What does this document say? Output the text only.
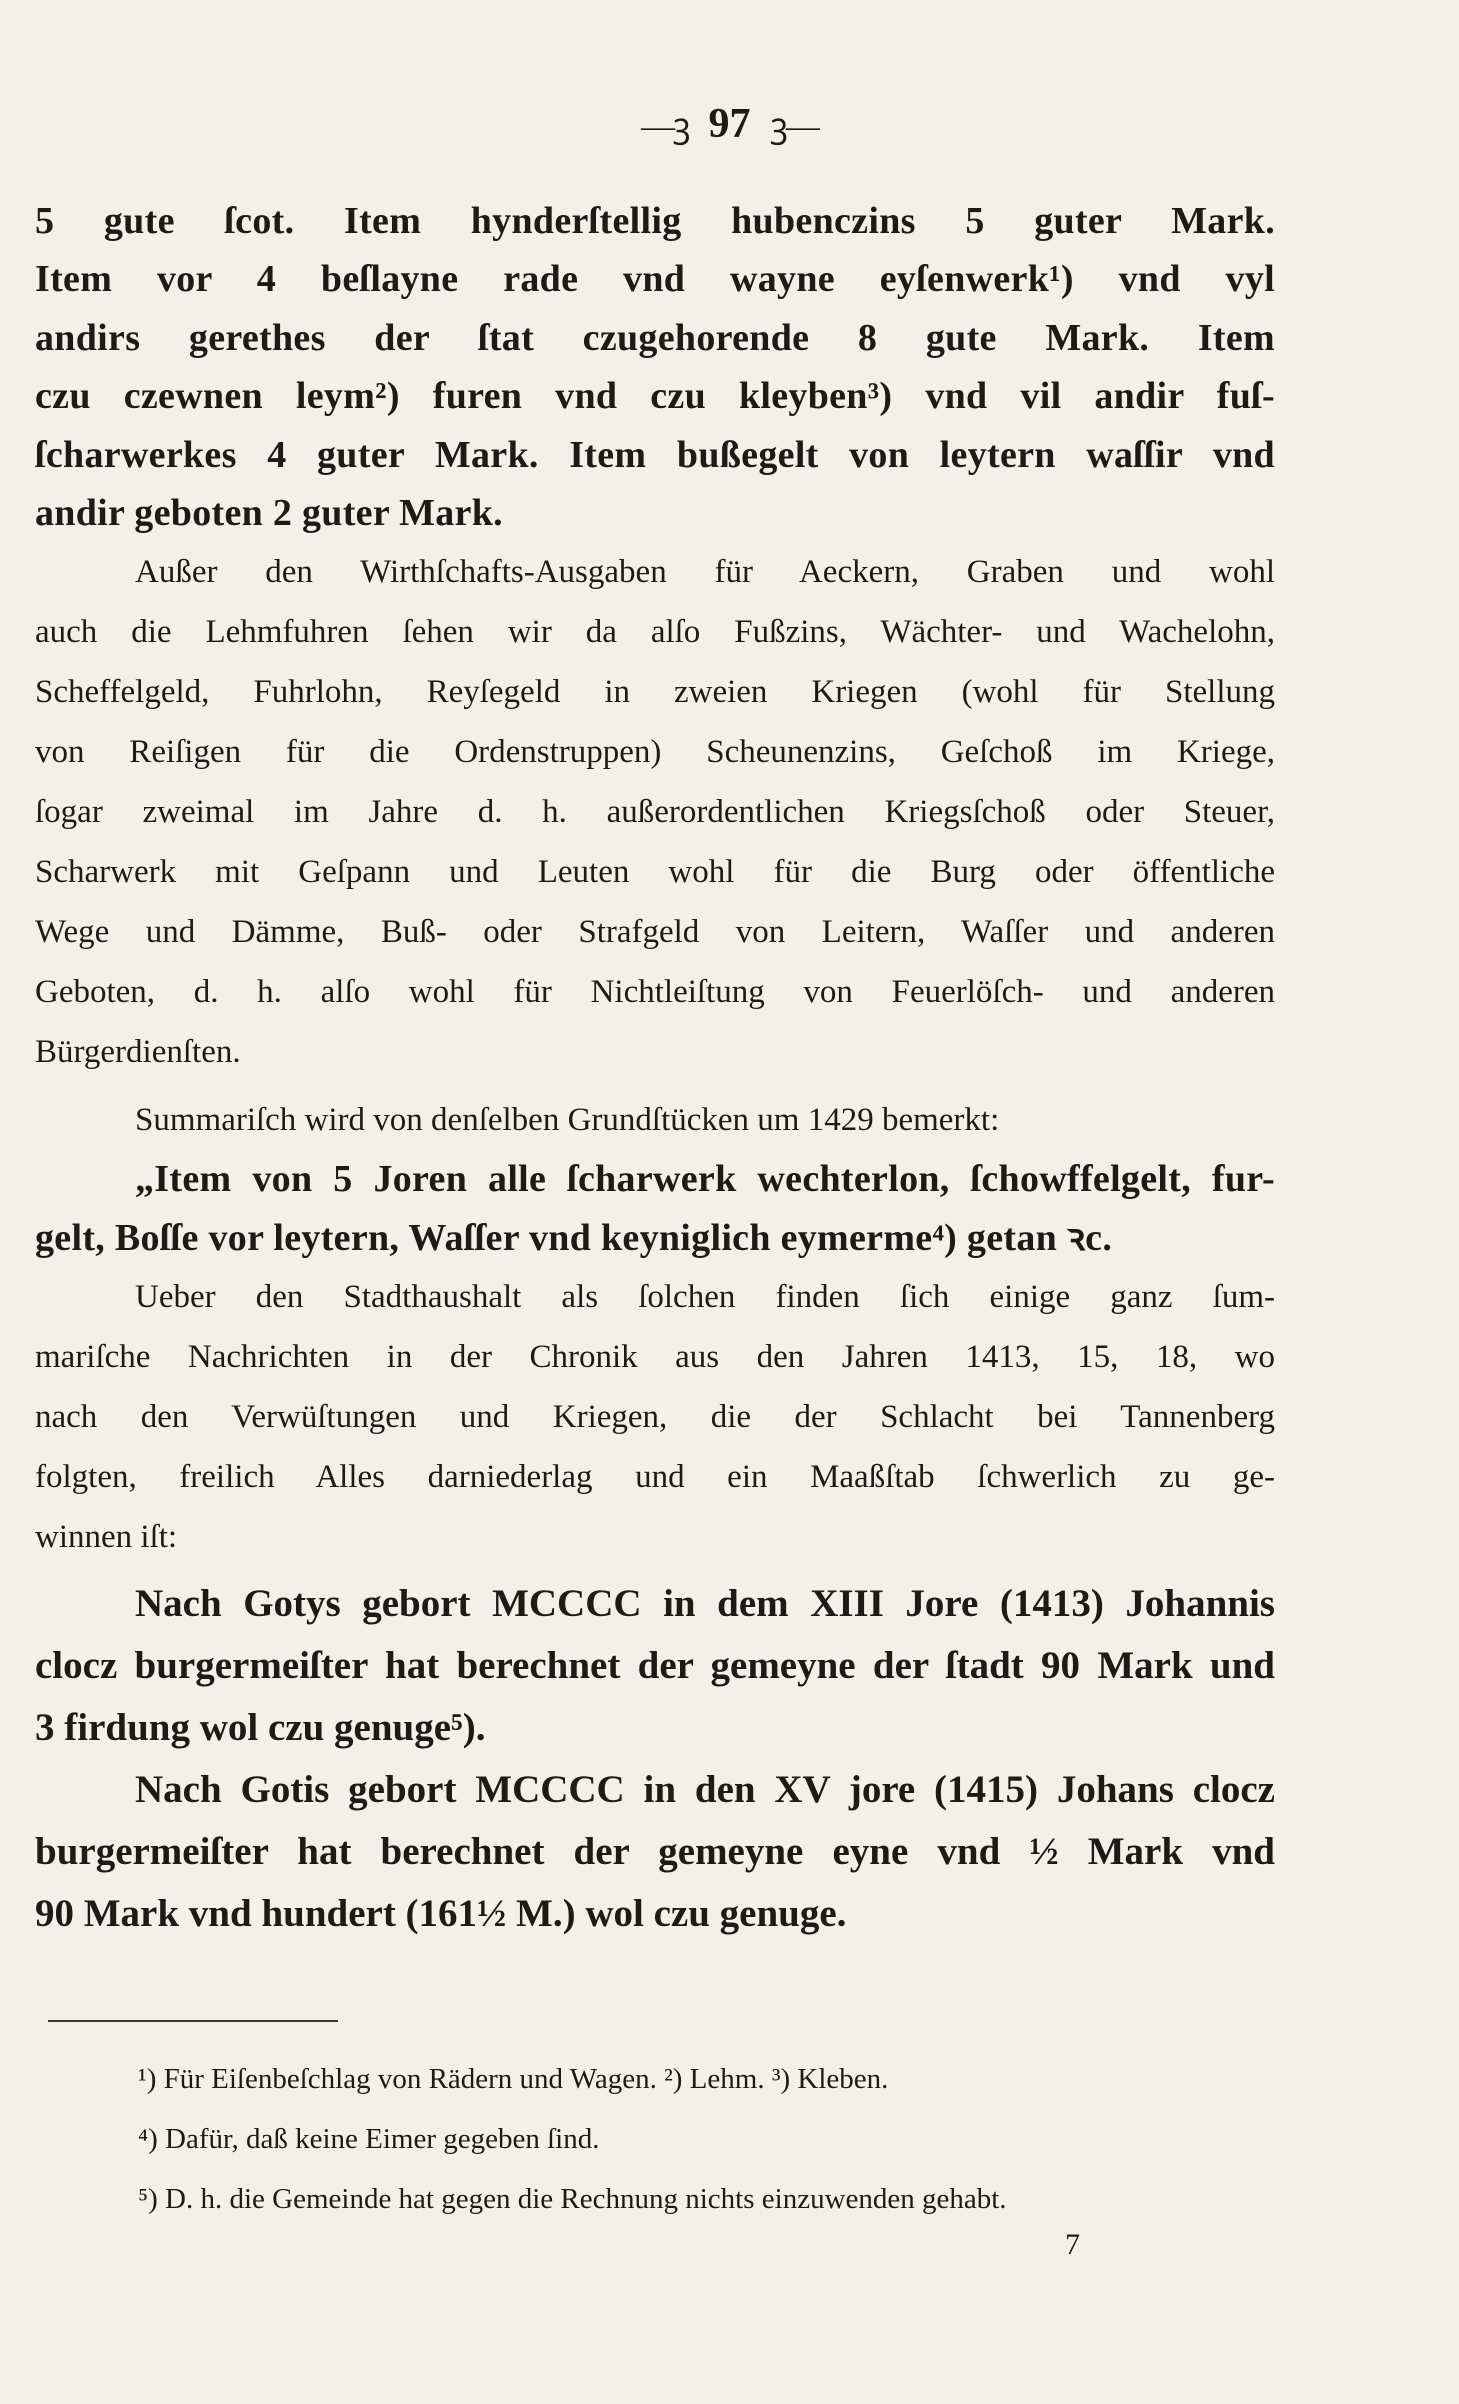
—ꝫ 97 ꝫ—
5 gute ſcot. Item hynderſtellig hubenczins 5 guter Mark.
Item vor 4 beſlayne rade vnd wayne eyſenwerk¹) vnd vyl
andirs gerethes der ſtat czugehorende 8 gute Mark. Item
czu czewnen leym²) furen vnd czu kleyben³) vnd vil andir fuſ-
ſcharwerkes 4 guter Mark. Item bußegelt von leytern waſſir vnd
andir geboten 2 guter Mark.
Außer den Wirthſchafts-Ausgaben für Aeckern, Graben und wohl
auch die Lehmfuhren ſehen wir da alſo Fußzins, Wächter- und Wachelohn,
Scheffelgeld, Fuhrlohn, Reyſegeld in zweien Kriegen (wohl für Stellung
von Reiſigen für die Ordenstruppen) Scheunenzins, Geſchoß im Kriege,
ſogar zweimal im Jahre d. h. außerordentlichen Kriegsſchoß oder Steuer,
Scharwerk mit Geſpann und Leuten wohl für die Burg oder öffentliche
Wege und Dämme, Buß- oder Strafgeld von Leitern, Waſſer und anderen
Geboten, d. h. alſo wohl für Nichtleiſtung von Feuerlöſch- und anderen
Bürgerdienſten.
Summariſch wird von denſelben Grundſtücken um 1429 bemerkt:
„Item von 5 Joren alle ſcharwerk wechterlon, ſchowffelgelt, fur-
gelt, Boſſe vor leytern, Waſſer vnd keyniglich eymerme⁴) getan ꝛc.
Ueber den Stadthaushalt als ſolchen finden ſich einige ganz ſum-
mariſche Nachrichten in der Chronik aus den Jahren 1413, 15, 18, wo
nach den Verwüſtungen und Kriegen, die der Schlacht bei Tannenberg
folgten, freilich Alles darniederlag und ein Maaßſtab ſchwerlich zu ge-
winnen iſt:
Nach Gotys gebort MCCCC in dem XIII Jore (1413) Johannis
clocz burgermeiſter hat berechnet der gemeyne der ſtadt 90 Mark und
3 firdung wol czu genuge⁵).
Nach Gotis gebort MCCCC in den XV jore (1415) Johans clocz
burgermeiſter hat berechnet der gemeyne eyne vnd ½ Mark vnd
90 Mark vnd hundert (161½ M.) wol czu genuge.
¹) Für Eiſenbeſchlag von Rädern und Wagen. ²) Lehm. ³) Kleben.
⁴) Dafür, daß keine Eimer gegeben ſind.
⁵) D. h. die Gemeinde hat gegen die Rechnung nichts einzuwenden gehabt.
7
